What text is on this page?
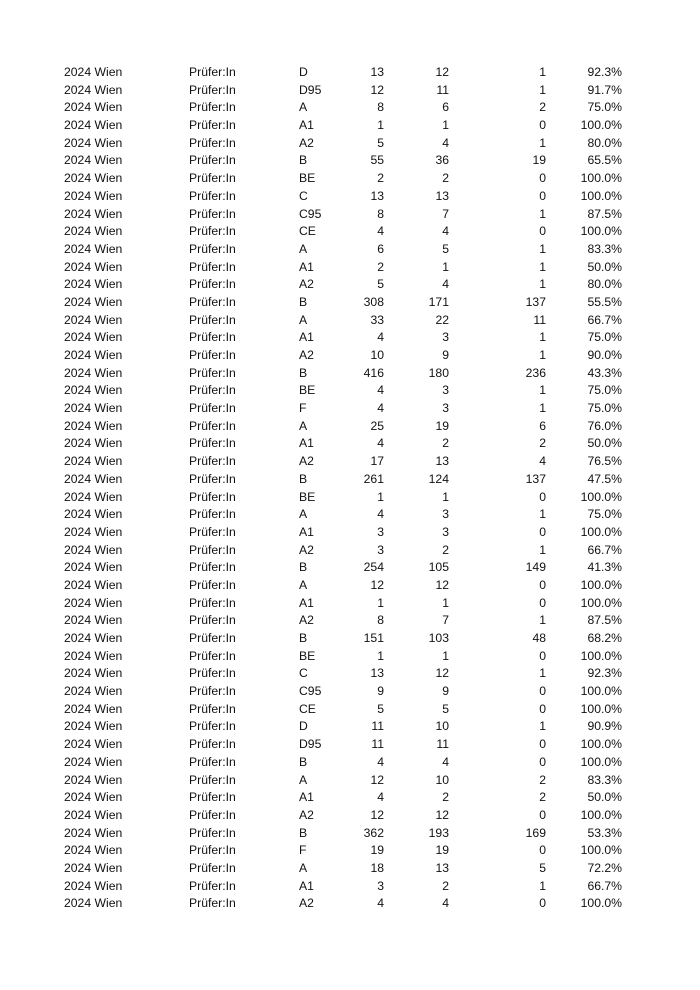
2024 Wien	Prüfer:In	D	13	12	1	92.3%
2024 Wien	Prüfer:In	D95	12	11	1	91.7%
2024 Wien	Prüfer:In	A	8	6	2	75.0%
2024 Wien	Prüfer:In	A1	1	1	0	100.0%
2024 Wien	Prüfer:In	A2	5	4	1	80.0%
2024 Wien	Prüfer:In	B	55	36	19	65.5%
2024 Wien	Prüfer:In	BE	2	2	0	100.0%
2024 Wien	Prüfer:In	C	13	13	0	100.0%
2024 Wien	Prüfer:In	C95	8	7	1	87.5%
2024 Wien	Prüfer:In	CE	4	4	0	100.0%
2024 Wien	Prüfer:In	A	6	5	1	83.3%
2024 Wien	Prüfer:In	A1	2	1	1	50.0%
2024 Wien	Prüfer:In	A2	5	4	1	80.0%
2024 Wien	Prüfer:In	B	308	171	137	55.5%
2024 Wien	Prüfer:In	A	33	22	11	66.7%
2024 Wien	Prüfer:In	A1	4	3	1	75.0%
2024 Wien	Prüfer:In	A2	10	9	1	90.0%
2024 Wien	Prüfer:In	B	416	180	236	43.3%
2024 Wien	Prüfer:In	BE	4	3	1	75.0%
2024 Wien	Prüfer:In	F	4	3	1	75.0%
2024 Wien	Prüfer:In	A	25	19	6	76.0%
2024 Wien	Prüfer:In	A1	4	2	2	50.0%
2024 Wien	Prüfer:In	A2	17	13	4	76.5%
2024 Wien	Prüfer:In	B	261	124	137	47.5%
2024 Wien	Prüfer:In	BE	1	1	0	100.0%
2024 Wien	Prüfer:In	A	4	3	1	75.0%
2024 Wien	Prüfer:In	A1	3	3	0	100.0%
2024 Wien	Prüfer:In	A2	3	2	1	66.7%
2024 Wien	Prüfer:In	B	254	105	149	41.3%
2024 Wien	Prüfer:In	A	12	12	0	100.0%
2024 Wien	Prüfer:In	A1	1	1	0	100.0%
2024 Wien	Prüfer:In	A2	8	7	1	87.5%
2024 Wien	Prüfer:In	B	151	103	48	68.2%
2024 Wien	Prüfer:In	BE	1	1	0	100.0%
2024 Wien	Prüfer:In	C	13	12	1	92.3%
2024 Wien	Prüfer:In	C95	9	9	0	100.0%
2024 Wien	Prüfer:In	CE	5	5	0	100.0%
2024 Wien	Prüfer:In	D	11	10	1	90.9%
2024 Wien	Prüfer:In	D95	11	11	0	100.0%
2024 Wien	Prüfer:In	B	4	4	0	100.0%
2024 Wien	Prüfer:In	A	12	10	2	83.3%
2024 Wien	Prüfer:In	A1	4	2	2	50.0%
2024 Wien	Prüfer:In	A2	12	12	0	100.0%
2024 Wien	Prüfer:In	B	362	193	169	53.3%
2024 Wien	Prüfer:In	F	19	19	0	100.0%
2024 Wien	Prüfer:In	A	18	13	5	72.2%
2024 Wien	Prüfer:In	A1	3	2	1	66.7%
2024 Wien	Prüfer:In	A2	4	4	0	100.0%
